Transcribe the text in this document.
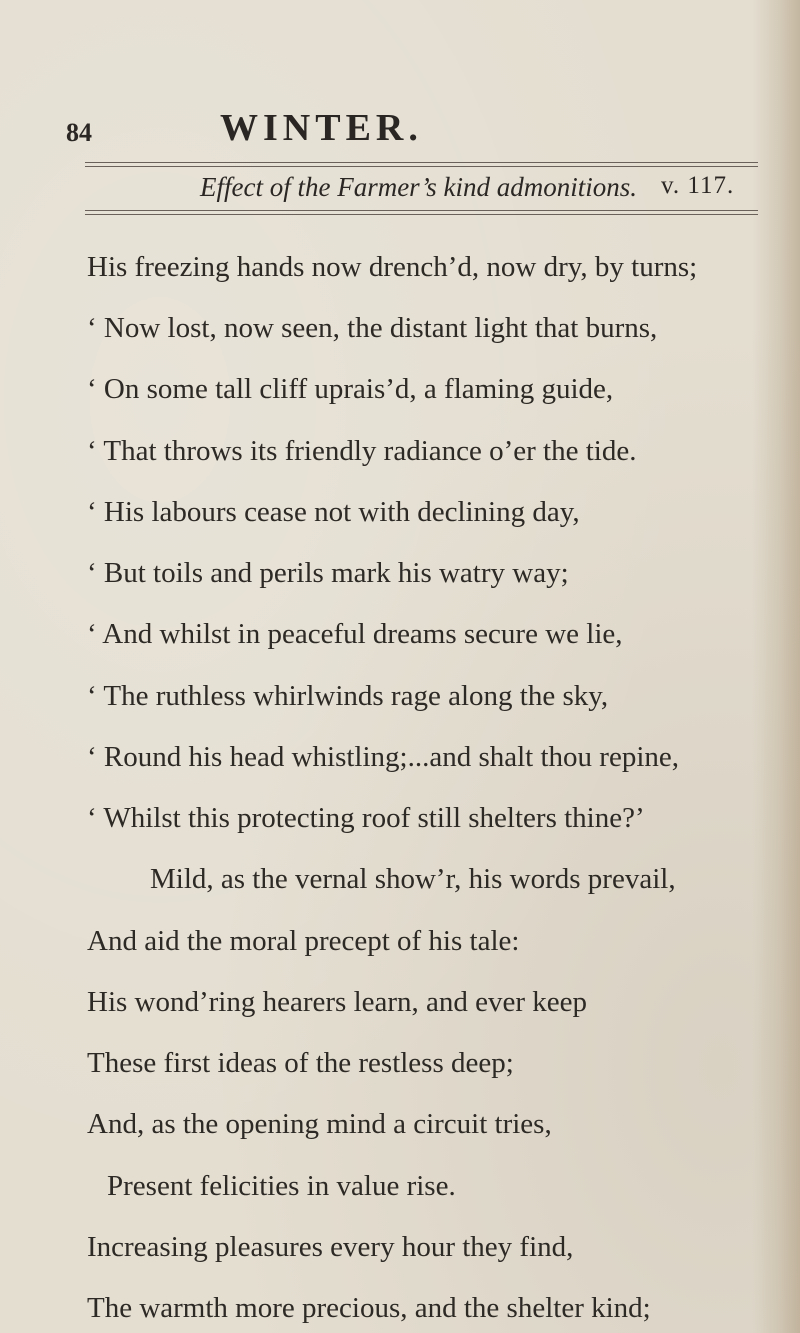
84	WINTER.
Effect of the Farmer’s kind admonitions. v. 117.
His freezing hands now drench’d, now dry, by turns;
‘ Now lost, now seen, the distant light that burns,
‘ On some tall cliff uprais’d, a flaming guide,
‘ That throws its friendly radiance o’er the tide.
‘ His labours cease not with declining day,
‘ But toils and perils mark his watry way;
‘ And whilst in peaceful dreams secure we lie,
‘ The ruthless whirlwinds rage along the sky,
‘ Round his head whistling;...and shalt thou repine,
‘ Whilst this protecting roof still shelters thine?’
Mild, as the vernal show’r, his words prevail,
And aid the moral precept of his tale:
His wond’ring hearers learn, and ever keep
These first ideas of the restless deep;
And, as the opening mind a circuit tries,
Present felicities in value rise.
Increasing pleasures every hour they find,
The warmth more precious, and the shelter kind;
